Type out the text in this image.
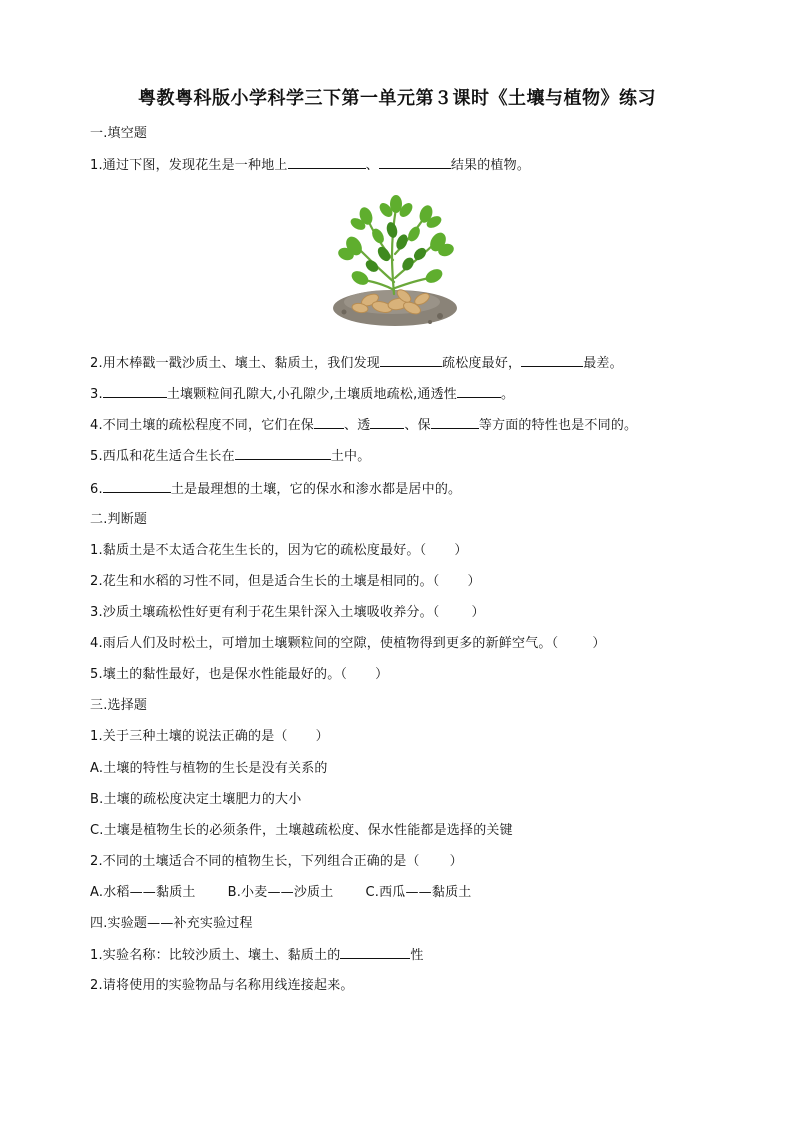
粤教粤科版小学科学三下第一单元第３课时《土壤与植物》练习
一.填空题
1.通过下图，发现花生是一种地上	、	结果的植物。
2.用木棒戳一戳沙质土、壤土、黏质土，我们发现	疏松度最好，	最差。
3.	土壤颗粒间孔隙大,小孔隙少,土壤质地疏松,通透性	。
4.不同土壤的疏松程度不同，它们在保 、透	、保	等方面的特性也是不同的。
5.西瓜和花生适合生长在	土中。
6.	土是最理想的土壤，它的保水和渗水都是居中的。
二.判断题
1.黏质土是不太适合花生生长的，因为它的疏松度最好。（ ）
2.花生和水稻的习性不同，但是适合生长的土壤是相同的。（ ）
3.沙质土壤疏松性好更有利于花生果针深入土壤吸收养分。（ ）
4.雨后人们及时松土，可增加土壤颗粒间的空隙，使植物得到更多的新鲜空气。（	）
5.壤土的黏性最好，也是保水性能最好的。（ ）
三.选择题
1.关于三种土壤的说法正确的是（ ）
A.土壤的特性与植物的生长是没有关系的
B.土壤的疏松度决定土壤肥力的大小
C.土壤是植物生长的必须条件，土壤越疏松度、保水性能都是选择的关键
2.不同的土壤适合不同的植物生长，下列组合正确的是（ ）
A.水稻——黏质土 B.小麦——沙质土 C.西瓜——黏质土
四.实验题——补充实验过程
1.实验名称：比较沙质土、壤土、黏质土的	性
2.请将使用的实验物品与名称用线连接起来。
